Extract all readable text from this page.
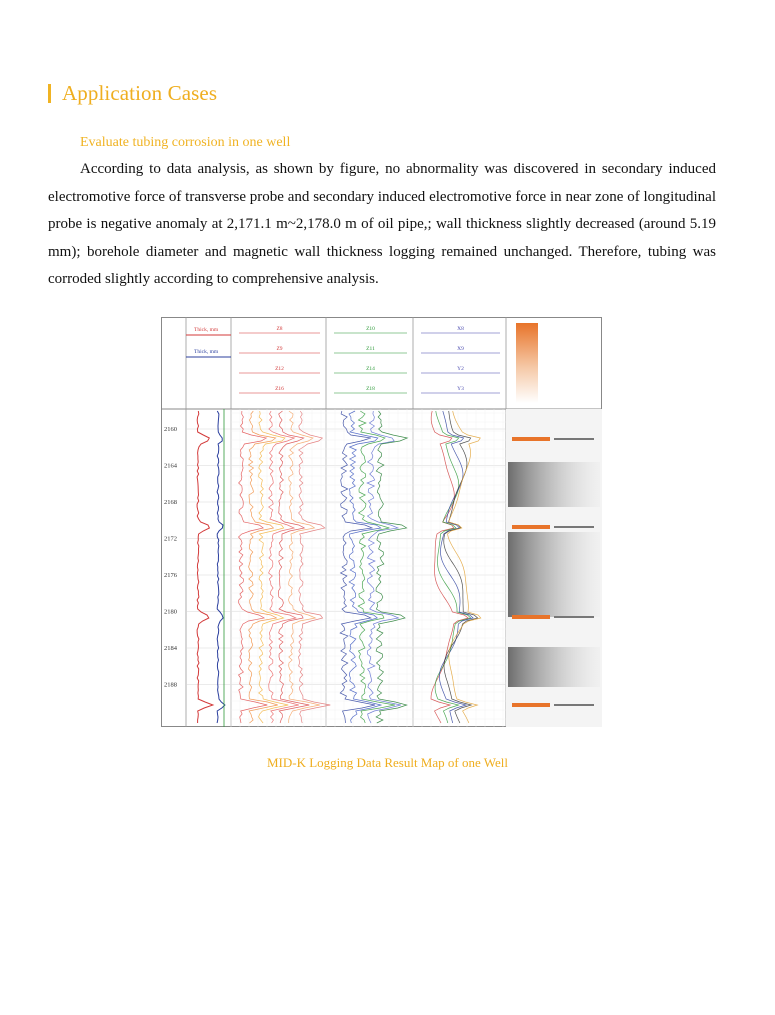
Application Cases
Evaluate tubing corrosion in one well
According to data analysis, as shown by figure, no abnormality was discovered in secondary induced electromotive force of transverse probe and secondary induced electromotive force in near zone of longitudinal probe is negative anomaly at 2,171.1 m~2,178.0 m of oil pipe,; wall thickness slightly decreased (around 5.19 mm); borehole diameter and magnetic wall thickness logging remained unchanged. Therefore, tubing was corroded slightly according to comprehensive analysis.
Thick, mm
Thick, mm
Z8	Z10	X8
Z9	Z11	X9
Z12	Z14	Y2
Z16	Z18	Y3
2160
2164
2168
2172
2176
2180
2184
2188
MID-K Logging Data Result Map of one Well
